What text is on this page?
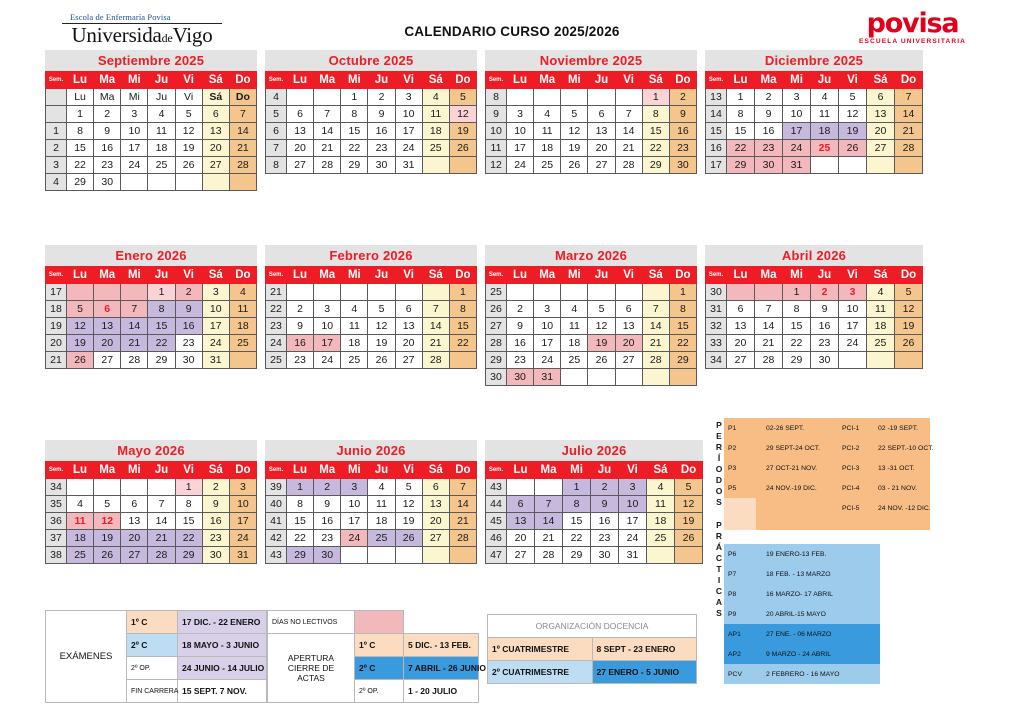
Escola de Enfermaría Povisa
UniversidadeVigo	CALENDARIO CURSO 2025/2026	povisa
ESCUELA UNIVERSITARIA
Septiembre 2025
Sem.	Lu	Ma	Mi	Ju	Vi	Sá	Do
	Lu	Ma	Mi	Ju	Vi	Sá	Do
	1	2	3	4	5	6	7
1	8	9	10	11	12	13	14
2	15	16	17	18	19	20	21
3	22	23	24	25	26	27	28
4	29	30					
Octubre 2025
Sem.	Lu	Ma	Mi	Ju	Vi	Sá	Do
4			1	2	3	4	5
5	6	7	8	9	10	11	12
6	13	14	15	16	17	18	19
7	20	21	22	23	24	25	26
8	27	28	29	30	31		
Noviembre 2025
Sem.	Lu	Ma	Mi	Ju	Vi	Sá	Do
8						1	2
9	3	4	5	6	7	8	9
10	10	11	12	13	14	15	16
11	17	18	19	20	21	22	23
12	24	25	26	27	28	29	30
Diciembre 2025
Sem.	Lu	Ma	Mi	Ju	Vi	Sá	Do
13	1	2	3	4	5	6	7
14	8	9	10	11	12	13	14
15	15	16	17	18	19	20	21
16	22	23	24	25	26	27	28
17	29	30	31				
Enero 2026
Sem.	Lu	Ma	Mi	Ju	Vi	Sá	Do
17				1	2	3	4
18	5	6	7	8	9	10	11
19	12	13	14	15	16	17	18
20	19	20	21	22	23	24	25
21	26	27	28	29	30	31	
Febrero 2026
Sem.	Lu	Ma	Mi	Ju	Vi	Sá	Do
21							1
22	2	3	4	5	6	7	8
23	9	10	11	12	13	14	15
24	16	17	18	19	20	21	22
25	23	24	25	26	27	28	
Marzo 2026
Sem.	Lu	Ma	Mi	Ju	Vi	Sá	Do
25							1
26	2	3	4	5	6	7	8
27	9	10	11	12	13	14	15
28	16	17	18	19	20	21	22
29	23	24	25	26	27	28	29
30	30	31					
Abril 2026
Sem.	Lu	Ma	Mi	Ju	Vi	Sá	Do
30			1	2	3	4	5
31	6	7	8	9	10	11	12
32	13	14	15	16	17	18	19
33	20	21	22	23	24	25	26
34	27	28	29	30			
Mayo 2026
Sem.	Lu	Ma	Mi	Ju	Vi	Sá	Do
34					1	2	3
35	4	5	6	7	8	9	10
36	11	12	13	14	15	16	17
37	18	19	20	21	22	23	24
38	25	26	27	28	29	30	31
Junio 2026
Sem.	Lu	Ma	Mi	Ju	Vi	Sá	Do
39	1	2	3	4	5	6	7
40	8	9	10	11	12	13	14
41	15	16	17	18	19	20	21
42	22	23	24	25	26	27	28
43	29	30					
Julio 2026
Sem.	Lu	Ma	Mi	Ju	Vi	Sá	Do
43			1	2	3	4	5
44	6	7	8	9	10	11	12
45	13	14	15	16	17	18	19
46	20	21	22	23	24	25	26
47	27	28	29	30	31		
P
E
R
Í
O
D
O
S
P1	02-26 SEPT.	PCI-1	02 -19 SEPT.
P2	29 SEPT-24 OCT.	PCI-2	22 SEPT.-10 OCT.
P3	27 OCT-21 NOV.	PCI-3	13 -31 OCT.
P5	24 NOV.-19 DIC.	PCI-4	03 - 21 NOV.
		PCI-5	24 NOV. -12 DIC.
P
R
Á
C
T
I
C
A
S
P6	19 ENERO-13 FEB.
P7	18 FEB. - 13 MARZO
P8	16 MARZO- 17 ABRIL
P9	20 ABRIL-15 MAYO
AP1	27 ENE. - 06 MARZO
AP2	9 MARZO - 24 ABRIL
PCV	2 FEBRERO - 16 MAYO
EXÁMENES	1º C	17 DIC. - 22 ENERO
	2º C	18 MAYO - 3 JUNIO
	2º OP.	24 JUNIO - 14 JULIO
	FIN CARRERA	15 SEPT. 7 NOV.
DÍAS NO LECTIVOS		

APERTURA
CIERRE DE
ACTAS	1º C	5 DIC. - 13 FEB.
	2º C	7 ABRIL - 26 JUNIO
	2º OP.	1 - 20 JULIO
ORGANIZACIÓN DOCENCIA	
1º CUATRIMESTRE	8 SEPT - 23 ENERO
2º CUATRIMESTRE	27 ENERO - 5 JUNIO
